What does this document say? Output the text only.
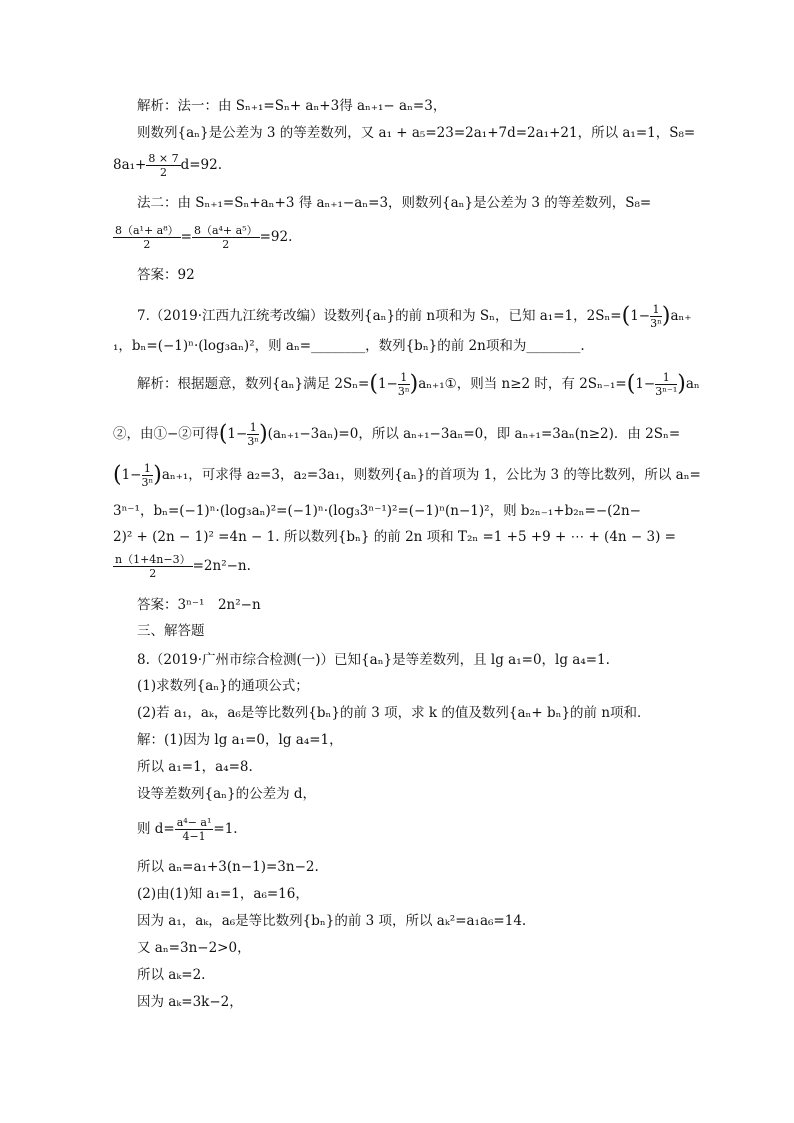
解析：法一：由 Sₙ₊₁=Sₙ+ aₙ+3得 aₙ₊₁− aₙ=3，
则数列{aₙ}是公差为 3 的等差数列，又 a₁ + a₅=23=2a₁+7d=2a₁+21，所以 a₁=1，S₈=
$8a_1+ \frac{8 \times 7}{2} d=92$.
法二：由 Sₙ₊₁=Sₙ+aₙ+3 得 aₙ₊₁−aₙ=3，则数列{aₙ}是公差为 3 的等差数列，S₈=
$\frac{\text{8（a¹+ a⁸）}}{2} = \frac{\text{8（a⁴+ a⁵）}}{2} =92$.
答案：92
7.（2019·江西九江统考改编）设数列{aₙ}的前 n项和为 Sₙ，已知 a₁=1，$2S_n=(1- \frac{1}{\text{3ⁿ}} )a_{n+}$
₁，bₙ=(−1)ⁿ·(log₃aₙ)²，则 aₙ=________，数列{bₙ}的前 2n项和为________.
解析：根据题意，数列{aₙ}满足 $2S_n=(1- \frac{1}{\text{3ⁿ}}$ )aₙ₊₁①，则当 n≥2 时，有 $2S_{n-1}=(1- \frac{1}{\text{3ⁿ⁻¹}} )a_n$
②，由①−②可得$(1- \frac{1}{\text{3ⁿ}} )(a_{n+1}-3a_n)=0$，所以 aₙ₊₁−3aₙ=0，即 aₙ₊₁=3aₙ(n≥2)．由 2Sₙ=
$(1- \frac{1}{\text{3ⁿ}} )a_{n+1}$，可求得 a₂=3，a₂=3a₁，则数列{aₙ}的首项为 1，公比为 3 的等比数列，所以 aₙ=
3ⁿ⁻¹，bₙ=(−1)ⁿ·(log₃aₙ)²=(−1)ⁿ·(log₃3ⁿ⁻¹)²=(−1)ⁿ(n−1)²，则 b₂ₙ₋₁+b₂ₙ=−(2n−
2)² + (2n − 1)² =4n − 1. 所以数列{bₙ} 的前 2n 项和 T₂ₙ =1 +5 +9 + ⋯ + (4n − 3) =
$\frac{n(1+4n-3)}{2} =2n^2-n$.
答案：3ⁿ⁻¹　2n²−n
三、解答题
8.（2019·广州市综合检测(一)）已知{aₙ}是等差数列，且 lg a₁=0，lg a₄=1.
(1)求数列{aₙ}的通项公式；
(2)若 a₁，aₖ，a₆是等比数列{bₙ}的前 3 项，求 k 的值及数列{aₙ+ bₙ}的前 n项和．
解：(1)因为 lg a₁=0，lg a₄=1，
所以 a₁=1，a₄=8.
设等差数列{aₙ}的公差为 d，
则 $d= \frac{\text{a⁴− a¹}}{4-1} =1$.
所以 aₙ=a₁+3(n−1)=3n−2.
(2)由(1)知 a₁=1，a₆=16，
因为 a₁，aₖ，a₆是等比数列{bₙ}的前 3 项，所以 aₖ²=a₁a₆=14.
又 aₙ=3n−2>0，
所以 aₖ=2.
因为 aₖ=3k−2，
